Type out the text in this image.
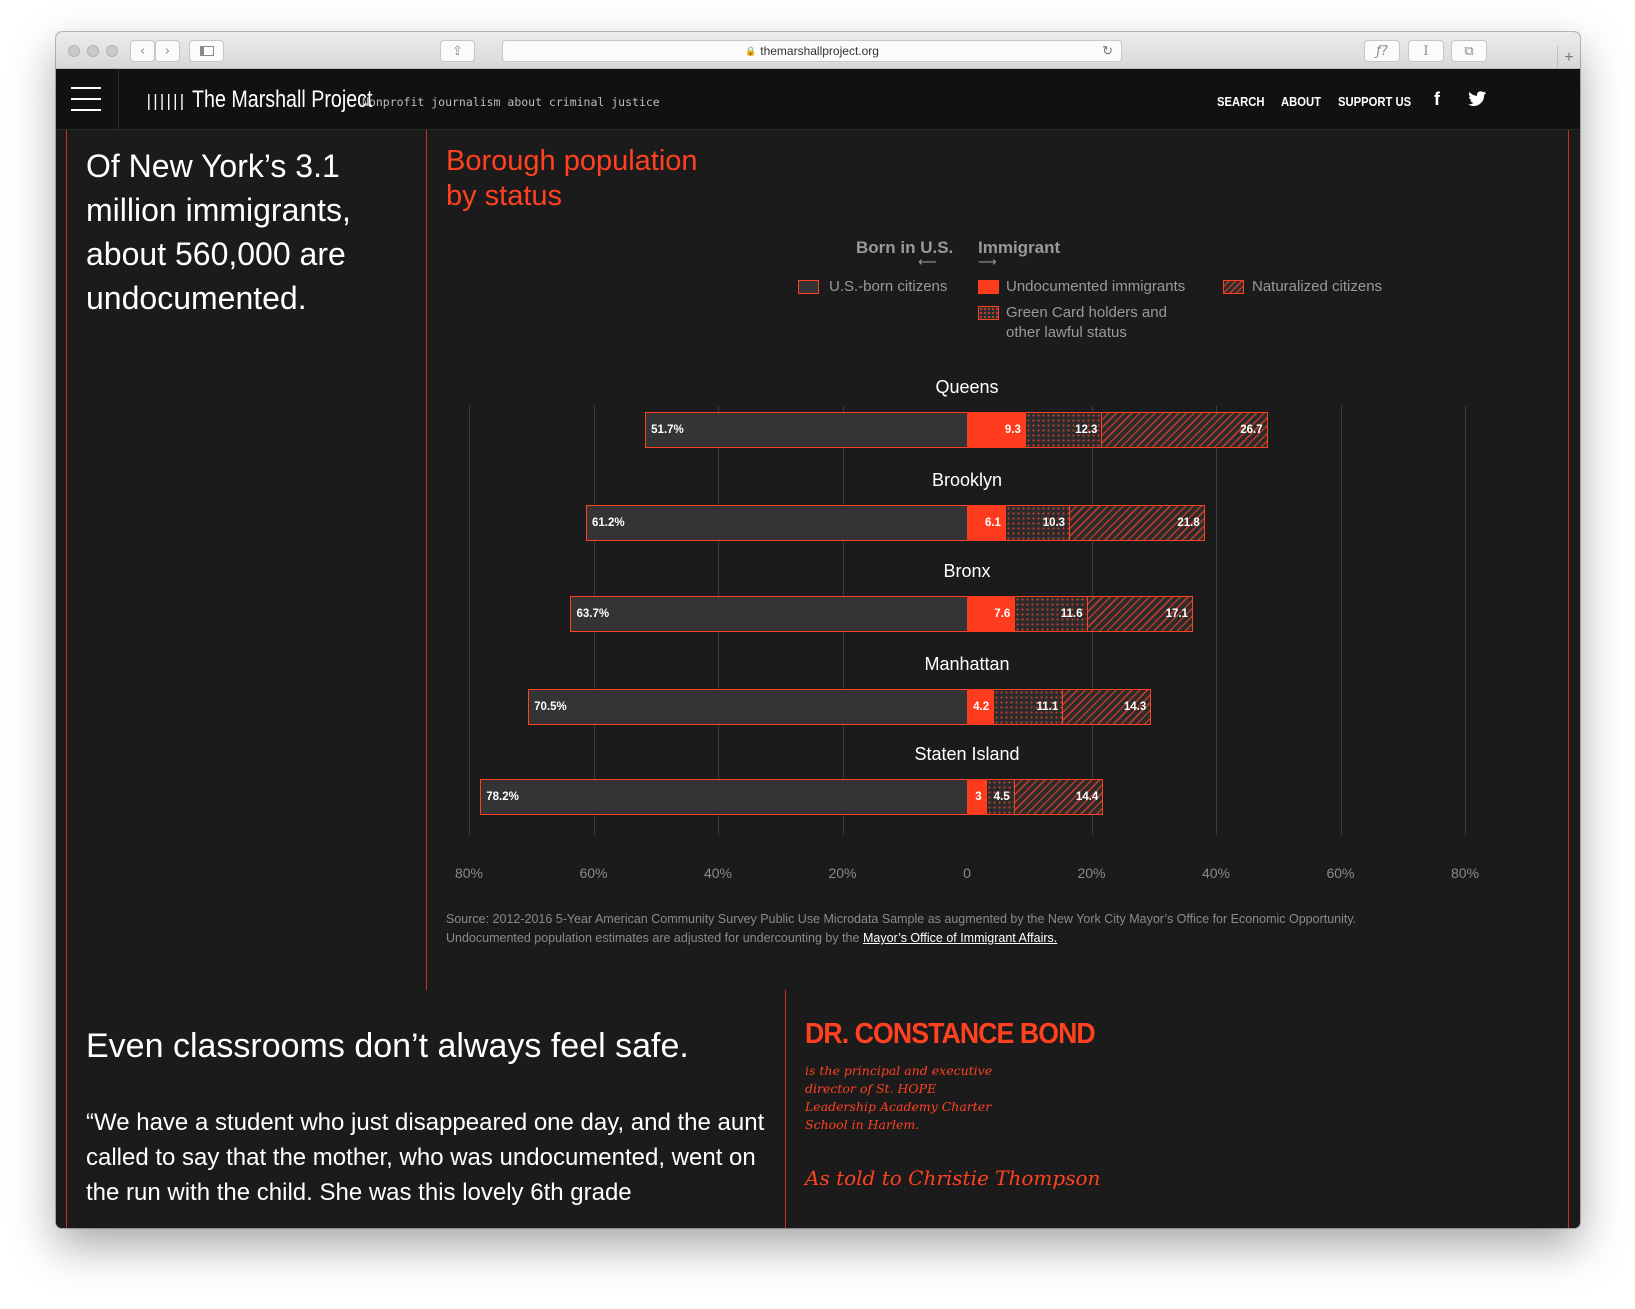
‹ ›	⇪	🔒 themarshallproject.org	↻	ƒ?	I	⧉	+
|||||| The Marshall Project
Nonprofit journalism about criminal justice	SEARCH ABOUT SUPPORT US f
Of New York’s 3.1 million immigrants, about 560,000 are undocumented.
Borough population by status
Born in U.S.
⟵
Immigrant
⟶
U.S.-born citizens	Undocumented immigrants	Naturalized citizens
Green Card holders and other lawful status
Source: 2012-2016 5-Year American Community Survey Public Use Microdata Sample as augmented by the New York City Mayor’s Office for Economic Opportunity. Undocumented population estimates are adjusted for undercounting by the Mayor’s Office of Immigrant Affairs.
Even classrooms don’t always feel safe.
“We have a student who just disappeared one day, and the aunt called to say that the mother, who was undocumented, went on the run with the child. She was this lovely 6th grade
DR. CONSTANCE BOND
is the principal and executive director of St. HOPE Leadership Academy Charter School in Harlem.
As told to Christie Thompson
80%	60%	40%	20%	0	20%	40%	60%	80%
Queens
51.7%	9.3	12.3	26.7
Brooklyn
61.2%	6.1	10.3	21.8
Bronx
63.7%	7.6	11.6	17.1
Manhattan
70.5%	4.2	11.1	14.3
Staten Island
78.2%	3	4.5	14.4
